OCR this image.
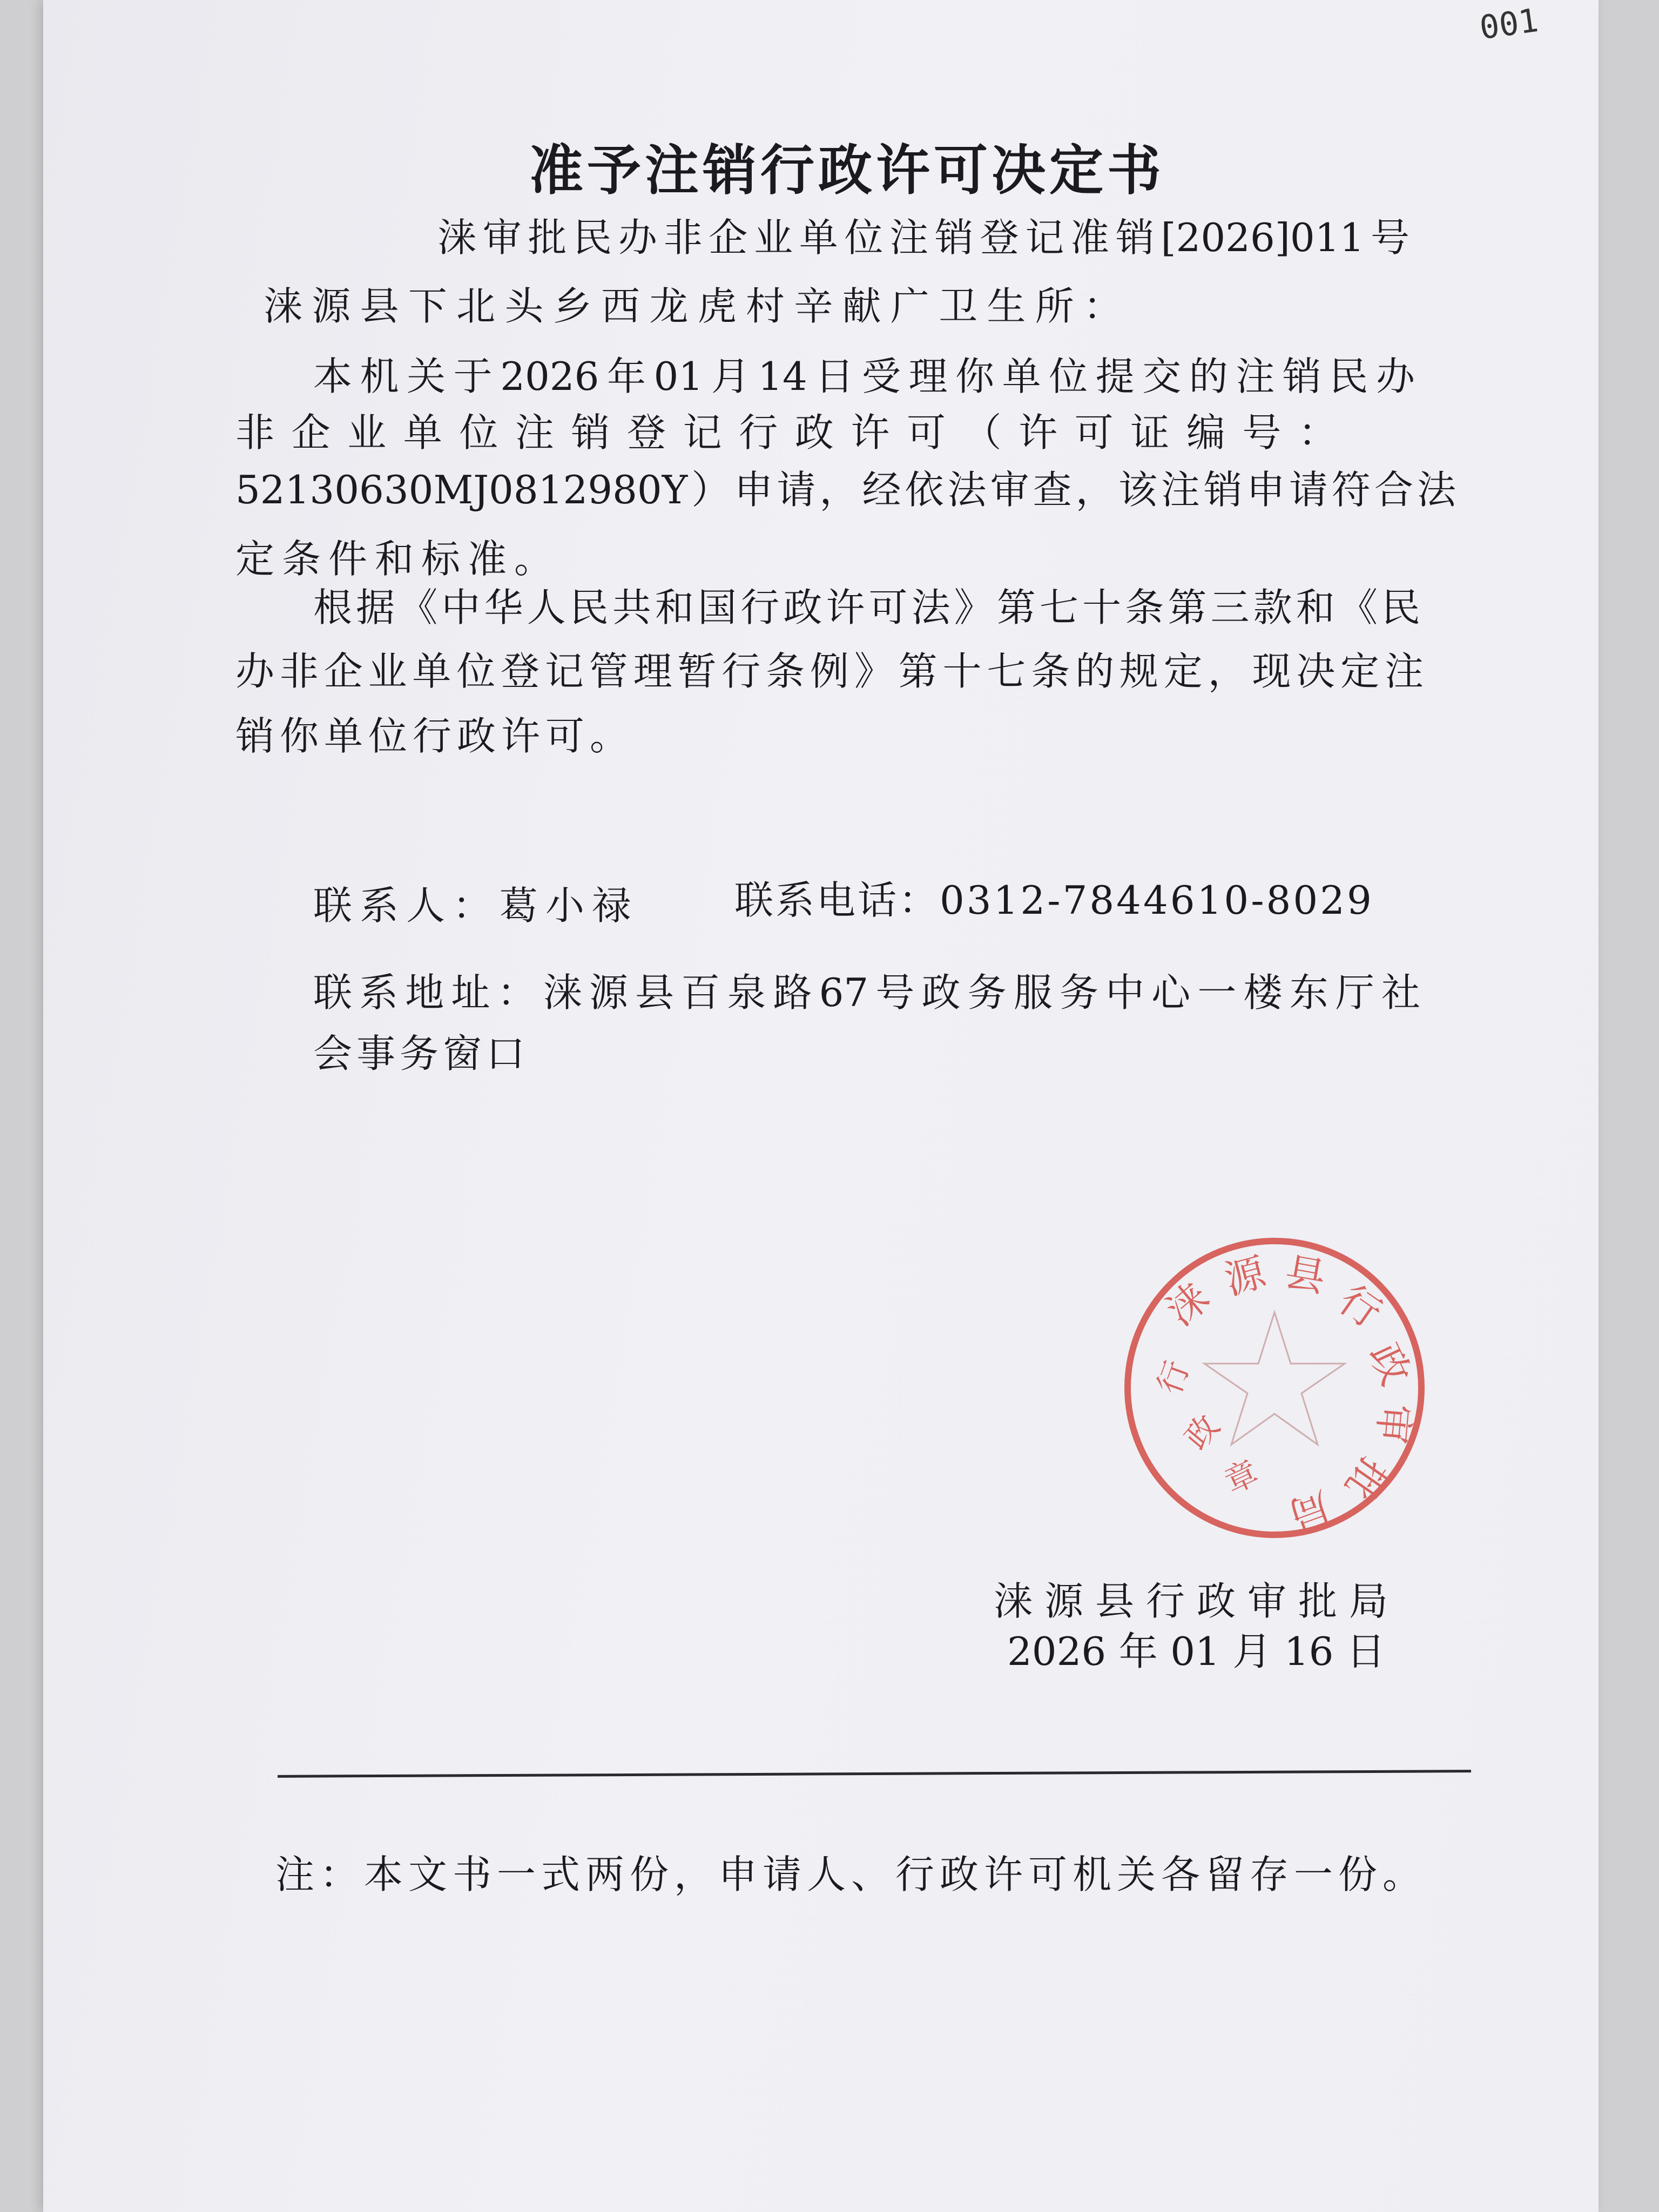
001
准予注销行政许可决定书
涞审批民办非企业单位注销登记准销[2026]011号
涞源县下北头乡西龙虎村辛献广卫生所：
本机关于2026年01月14日受理你单位提交的注销民办
非企业单位注销登记行政许可（许可证编号：
52130630MJ0812980Y）申请，经依法审查，该注销申请符合法
定条件和标准。
根据《中华人民共和国行政许可法》第七十条第三款和《民
办非企业单位登记管理暂行条例》第十七条的规定，现决定注
销你单位行政许可。
联系人：葛小禄 联系电话：0312-7844610-8029
联系地址：涞源县百泉路67号政务服务中心一楼东厅社
会事务窗口
涞 源 县
行
政
审
批
局
行
政
章
涞源县行政审批局
2026年01月16日
注：本文书一式两份，申请人、行政许可机关各留存一份。
